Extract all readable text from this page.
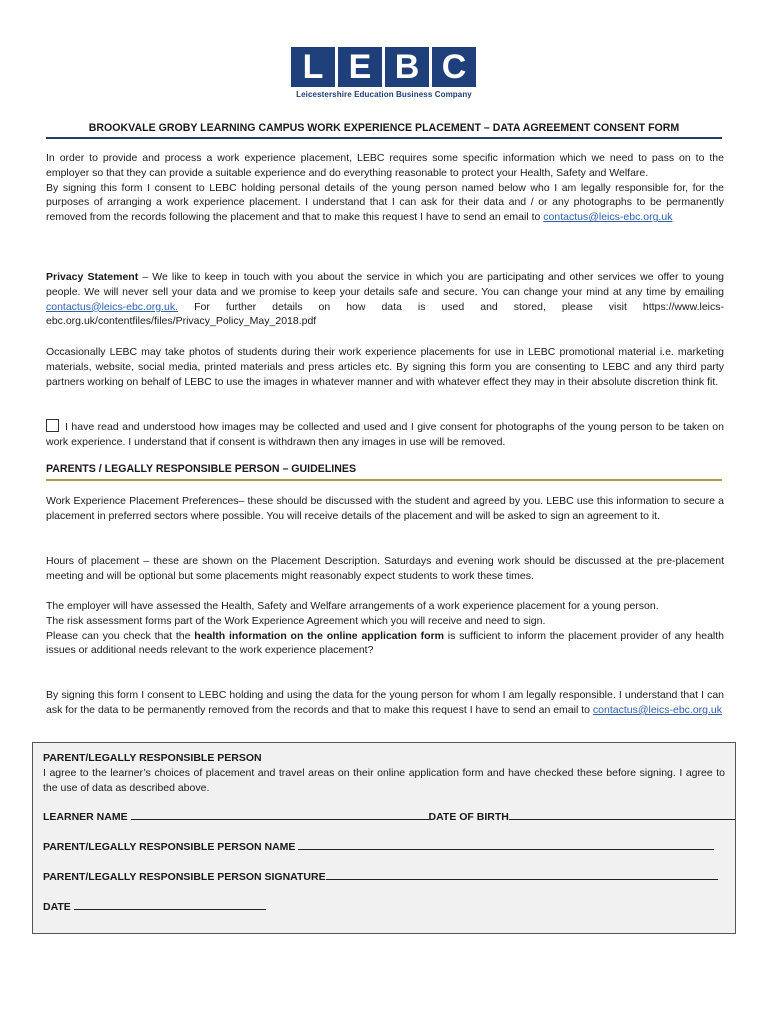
L E B C
Leicestershire Education Business Company
BROOKVALE GROBY LEARNING CAMPUS WORK EXPERIENCE PLACEMENT – DATA AGREEMENT CONSENT FORM

In order to provide and process a work experience placement, LEBC requires some specific information which we need to pass on to the employer so that they can provide a suitable experience and do everything reasonable to protect your Health, Safety and Welfare.

By signing this form I consent to LEBC holding personal details of the young person named below who I am legally responsible for, for the purposes of arranging a work experience placement. I understand that I can ask for their data and / or any photographs to be permanently removed from the records following the placement and that to make this request I have to send an email to contactus@leics-ebc.org.uk

Privacy Statement – We like to keep in touch with you about the service in which you are participating and other services we offer to young people. We will never sell your data and we promise to keep your details safe and secure. You can change your mind at any time by emailing contactus@leics-ebc.org.uk. For further details on how data is used and stored, please visit https://www.leics-ebc.org.uk/contentfiles/files/Privacy_Policy_May_2018.pdf

Occasionally LEBC may take photos of students during their work experience placements for use in LEBC promotional material i.e. marketing materials, website, social media, printed materials and press articles etc. By signing this form you are consenting to LEBC and any third party partners working on behalf of LEBC to use the images in whatever manner and with whatever effect they may in their absolute discretion think fit.

I have read and understood how images may be collected and used and I give consent for photographs of the young person to be taken on work experience. I understand that if consent is withdrawn then any images in use will be removed.

PARENTS / LEGALLY RESPONSIBLE PERSON – GUIDELINES

Work Experience Placement Preferences– these should be discussed with the student and agreed by you. LEBC use this information to secure a placement in preferred sectors where possible. You will receive details of the placement and will be asked to sign an agreement to it.

Hours of placement – these are shown on the Placement Description. Saturdays and evening work should be discussed at the pre-placement meeting and will be optional but some placements might reasonably expect students to work these times.

The employer will have assessed the Health, Safety and Welfare arrangements of a work experience placement for a young person.

The risk assessment forms part of the Work Experience Agreement which you will receive and need to sign.

Please can you check that the health information on the online application form is sufficient to inform the placement provider of any health issues or additional needs relevant to the work experience placement?

By signing this form I consent to LEBC holding and using the data for the young person for whom I am legally responsible. I understand that I can ask for the data to be permanently removed from the records and that to make this request I have to send an email to contactus@leics-ebc.org.uk

PARENT/LEGALLY RESPONSIBLE PERSON
I agree to the learner’s choices of placement and travel areas on their online application form and have checked these before signing. I agree to the use of data as described above.
LEARNER NAME	DATE OF BIRTH
PARENT/LEGALLY RESPONSIBLE PERSON NAME
PARENT/LEGALLY RESPONSIBLE PERSON SIGNATURE
DATE
